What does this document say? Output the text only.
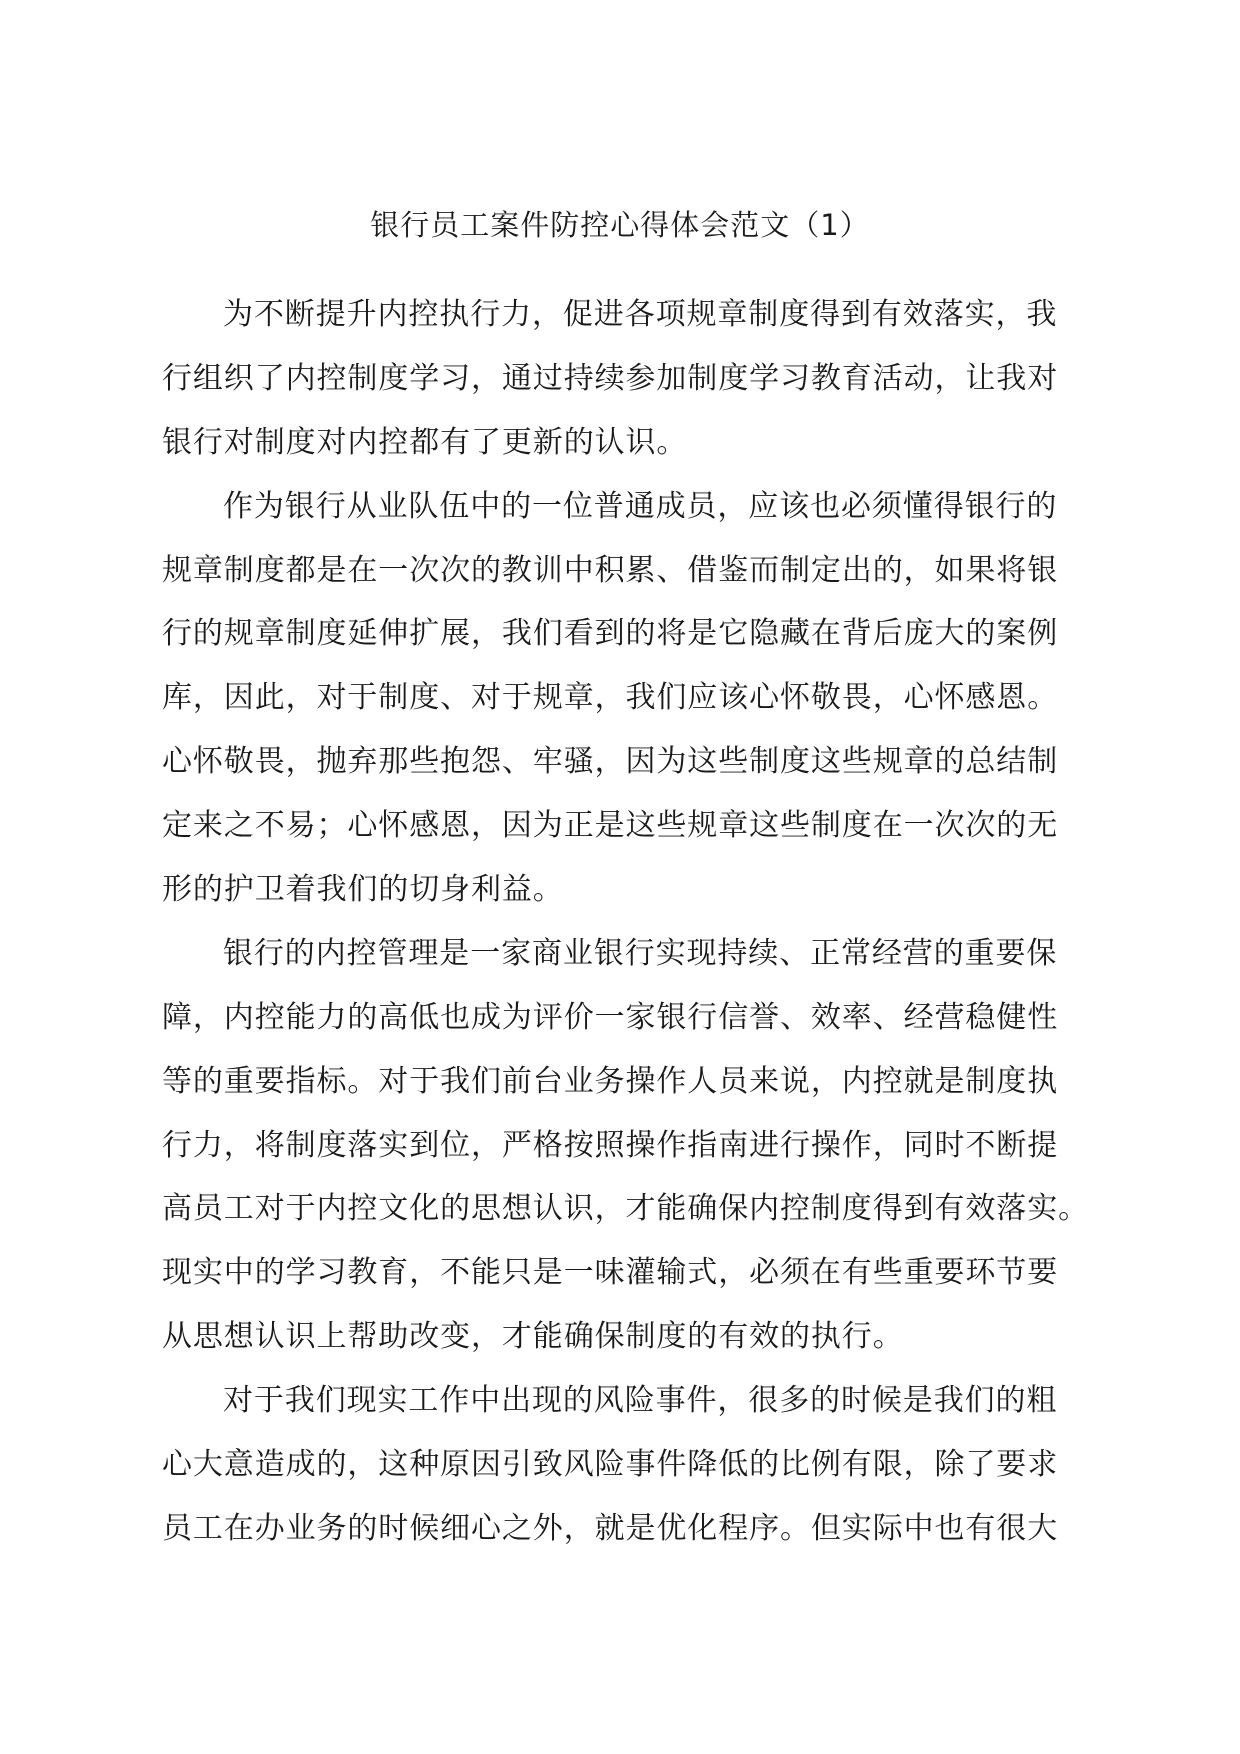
银行员工案件防控心得体会范文（1）
为不断提升内控执行力，促进各项规章制度得到有效落实，我
行组织了内控制度学习，通过持续参加制度学习教育活动，让我对
银行对制度对内控都有了更新的认识。
作为银行从业队伍中的一位普通成员，应该也必须懂得银行的
规章制度都是在一次次的教训中积累、借鉴而制定出的，如果将银
行的规章制度延伸扩展，我们看到的将是它隐藏在背后庞大的案例
库，因此，对于制度、对于规章，我们应该心怀敬畏，心怀感恩。
心怀敬畏，抛弃那些抱怨、牢骚，因为这些制度这些规章的总结制
定来之不易；心怀感恩，因为正是这些规章这些制度在一次次的无
形的护卫着我们的切身利益。
银行的内控管理是一家商业银行实现持续、正常经营的重要保
障，内控能力的高低也成为评价一家银行信誉、效率、经营稳健性
等的重要指标。对于我们前台业务操作人员来说，内控就是制度执
行力，将制度落实到位，严格按照操作指南进行操作，同时不断提
高员工对于内控文化的思想认识，才能确保内控制度得到有效落实。
现实中的学习教育，不能只是一味灌输式，必须在有些重要环节要
从思想认识上帮助改变，才能确保制度的有效的执行。
对于我们现实工作中出现的风险事件，很多的时候是我们的粗
心大意造成的，这种原因引致风险事件降低的比例有限，除了要求
员工在办业务的时候细心之外，就是优化程序。但实际中也有很大
